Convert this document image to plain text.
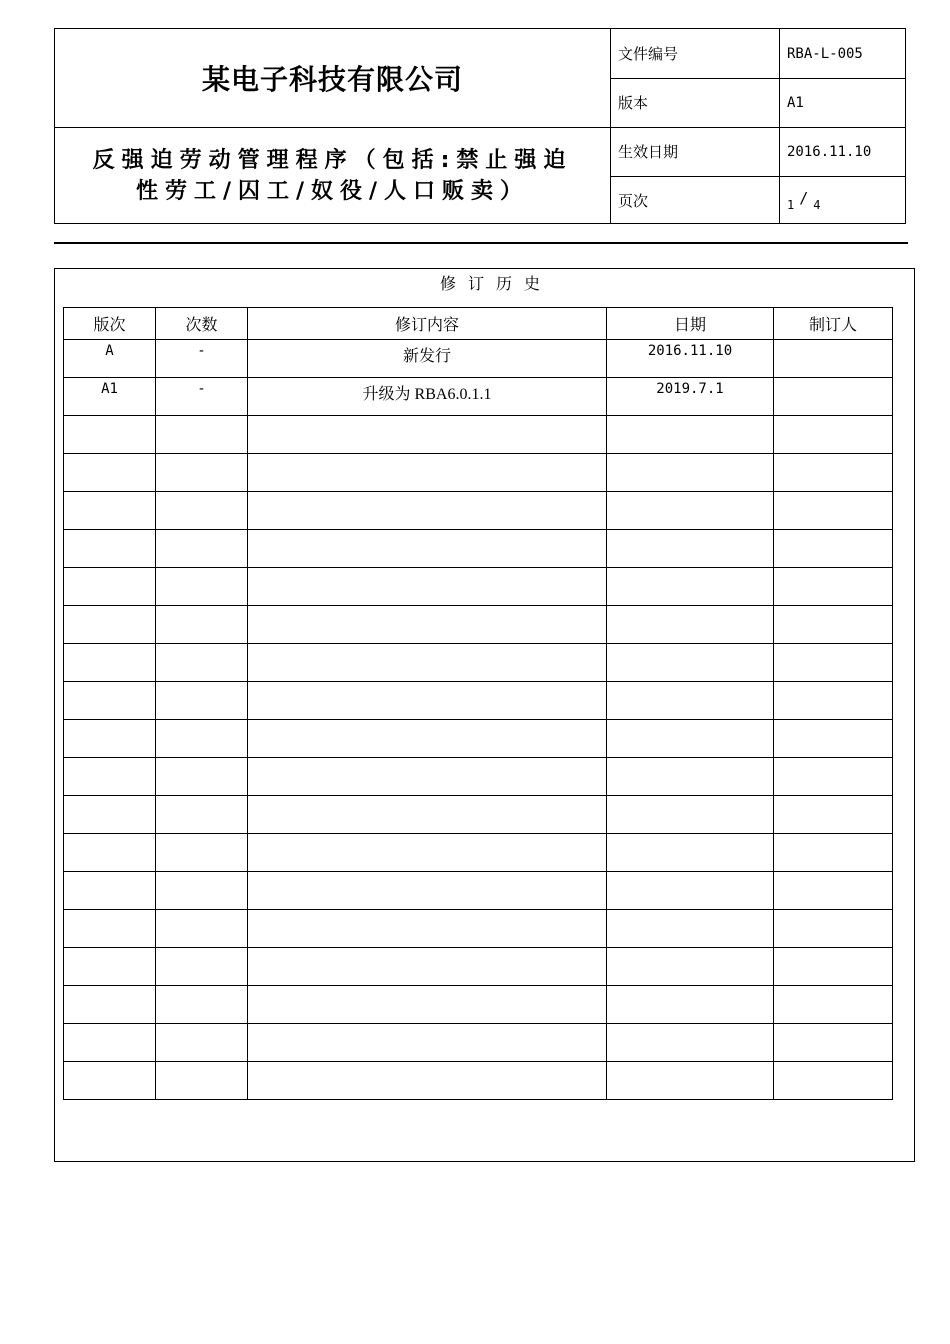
某电子科技有限公司
反强迫劳动管理程序（包括:禁止强迫
性劳工/囚工/奴役/人口贩卖）
文件编号	RBA-L-005
版本	A1
生效日期	2016.11.10
页次	1 / 4
修订历史
版次	次数	修订内容	日期	制订人
A	-	新发行	2016.11.10	
A1	-	升级为 RBA6.0.1.1	2019.7.1	
